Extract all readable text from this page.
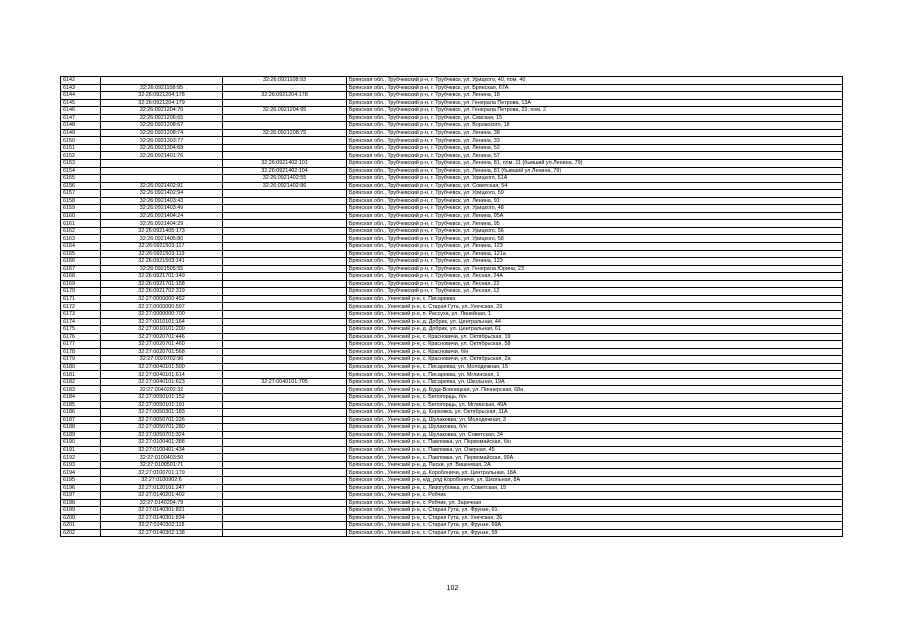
6142		32:26:0921108:93	Брянская обл., Трубчевский р-н, г. Трубчевск, ул. Урицкого, 40, пом. 40
6143	32:26:0921108:95		Брянская обл., Трубчевский р-н, г. Трубчевск, ул. Брянская, 67А
6144	32:26:0921204:178	32:26:0921204:178	Брянская обл., Трубчевский р-н, г. Трубчевск, ул. Ленина, 18
6145	32:26:0921204:179		Брянская обл., Трубчевский р-н, г. Трубчевск, ул. Генерала Петрова, 13А
6146	32:26:0921204:70	32:26:0921204:95	Брянская обл., Трубчевский р-н, г. Трубчевск, ул. Генерала Петрова, 23, пом. 2
6147	32:26:0921206:65		Брянская обл., Трубчевский р-н, г. Трубчевск, ул. Севская, 15
6148	32:26:0921208:67		Брянская обл., Трубчевский р-н, г. Трубчевск, ул. Воровского, 18
6149	32:26:0921208:74	32:26:0921208:75	Брянская обл., Трубчевский р-н, г. Трубчевск, ул. Ленина, 38
6150	32:26:0921303:77		Брянская обл., Трубчевский р-н, г. Трубчевск, ул. Ленина, 33
6151	32:26:0921304:68		Брянская обл., Трубчевский р-н, г. Трубчевск, ул. Ленина, 52
6152	32:26:0921401:76		Брянская обл., Трубчевский р-н, г. Трубчевск, ул. Ленина, 57
6153		32:26:0921402:101	Брянская обл., Трубчевский р-н, г. Трубчевск, ул. Ленина, 81, пом. 11 (бывший ул.Ленина, 79)
6154		32:26:0921402:104	Брянская обл., Трубчевский р-н, г. Трубчевск, ул. Ленина, 81 (бывший ул.Ленина, 79)
6155		32:26:0921402:55	Брянская обл., Трубчевский р-н, г. Трубчевск, ул. Урицкого, 51А
6156	32:26:0921402:91	32:26:0921402:86	Брянская обл., Трубчевский р-н, г. Трубчевск, ул. Советская, 54
6157	32:26:0921402:94		Брянская обл., Трубчевский р-н, г. Трубчевск, ул. Урицкого, 59
6158	32:26:0921403:43		Брянская обл., Трубчевский р-н, г. Трубчевск, ул. Ленина, 91
6159	32:26:0921403:49		Брянская обл., Трубчевский р-н, г. Трубчевск, ул. Урицкого, 48
6160	32:26:0921404:24		Брянская обл., Трубчевский р-н, г. Трубчевск, ул. Ленина, 95А
6161	32:26:0921404:29		Брянская обл., Трубчевский р-н, г. Трубчевск, ул. Ленина, 95
6162	32:26:0921405:173		Брянская обл., Трубчевский р-н, г. Трубчевск, ул. Урицкого, 56
6163	32:26:0921405:80		Брянская обл., Трубчевский р-н, г. Трубчевск, ул. Урицкого, 58
6164	32:26:0921503:117		Брянская обл., Трубчевский р-н, г. Трубчевск, ул. Ленина, 123
6165	32:26:0921503:119		Брянская обл., Трубчевский р-н, г. Трубчевск, ул. Ленина, 121а
6166	32:26:0921503:141		Брянская обл., Трубчевский р-н, г. Трубчевск, ул. Ленина, 123
6167	32:26:0921505:55		Брянская обл., Трубчевский р-н, г. Трубчевск, ул. Генерала Юрина, 23
6168	32:26:0921701:149		Брянская обл., Трубчевский р-н, г. Трубчевск, ул. Лесная, 24А
6169	32:26:0921701:158		Брянская обл., Трубчевский р-н, г. Трубчевск, ул. Лесная, 22
6170	32:26:0921702:319		Брянская обл., Трубчевский р-н, г. Трубчевск, ул. Лесная, 12
6171	32:27:0000000:452		Брянская обл., Унечский р-н, с. Писаревка
6172	32:27:0000000:597		Брянская обл., Унечский р-н, с. Старая Гута, ул. Унечская, 29
6173	32:27:0000000:700		Брянская обл., Унечский р-н, п. Рассуха, ул. Линейная, 1
6174	32:27:0010101:164		Брянская обл., Унечский р-н, д. Добрик, ул. Центральная, 44
6175	32:27:0010101:200		Брянская обл., Унечский р-н, д. Добрик, ул. Центральная, 61
6176	32:27:0020701:446		Брянская обл., Унечский р-н, с. Красновичи, ул. Октябрьская, 19
6177	32:27:0020701:460		Брянская обл., Унечский р-н, с. Красновичи, ул. Октябрьская, 58
6178	32:27:0020701:568		Брянская обл., Унечский р-н, с. Красновичи, б/н
6179	32:27:0020702:96		Брянская обл., Унечский р-н, с. Красновичи, ул. Октябрьская, 2а
6180	32:27:0040101:500		Брянская обл., Унечский р-н, с. Писаревка, ул. Молодежная, 15
6181	32:27:0040101:614		Брянская обл., Унечский р-н, с. Писаревка, ул. Мглинская, 1
6182	32:27:0040101:623	32:27:0040101:705	Брянская обл., Унечский р-н, с. Писаревка, ул. Школьная, 19А
6183	32:27:0040202:32		Брянская обл., Унечский р-н, д. Буда-Вовницкая, ул. Пионерская, 68а
6184	32:27:0050101:152		Брянская обл., Унечский р-н, с. Белогорщь, б/н
6185	32:27:0050101:191		Брянская обл., Унечский р-н, с. Белогорщь, ул. Мглинская, 49А
6186	32:27:0050301:183		Брянская обл., Унечский р-н, д. Корховка, ул. Октябрьская, 11А
6187	32:27:0050701:226		Брянская обл., Унечский р-н, д. Шулаковка, ул. Молодежная, 3
6188	32:27:0050701:280		Брянская обл., Унечский р-н, д. Шулаковка, б/н
6189	32:27:0050701:324		Брянская обл., Унечский р-н, д. Шулаковка, ул. Советская, 34
6190	32:27:0100401:388		Брянская обл., Унечский р-н, с. Павловка, ул. Первомайская, б/н
6191	32:27:0100401:434		Брянская обл., Унечский р-н, с. Павловка, ул. Озерная, 45
6192	32:27:0100403:50		Брянская обл., Унечский р-н, с. Павловка, ул. Первомайская, 99А
6193	32:27:0100501:71		Брянская обл., Унечский р-н, д. Пески, ул. Вишневая, 2А
6194	32:27:0100701:179		Брянская обл., Унечский р-н, д. Коробоничи, ул. Центральная, 18А
6195	32:27:0100902:6		Брянская обл., Унечский р-н, н/д_ряд Коробоничи, ул. Школьная, 8А
6196	32:27:0120101:247		Брянская обл., Унечский р-н, с. Лизогубовка, ул. Советская, 15
6197	32:27:0140201:402		Брянская обл., Унечский р-н, с. Робчик
6198	32:27:0140204:79		Брянская обл., Унечский р-н, с. Робчик, ул. Заречная
6199	32:27:0140301:821		Брянская обл., Унечский р-н, с. Старая Гута, ул. Фрунзе, 61
6200	32:27:0140301:834		Брянская обл., Унечский р-н, с. Старая Гута, ул. Унечская, 26
6201	32:27:0140302:118		Брянская обл., Унечский р-н, с. Старая Гута, ул. Фрунзе, 69А
6202	32:27:0140302:138		Брянская обл., Унечский р-н, с. Старая Гута, ул. Фрунзе, 59
102
